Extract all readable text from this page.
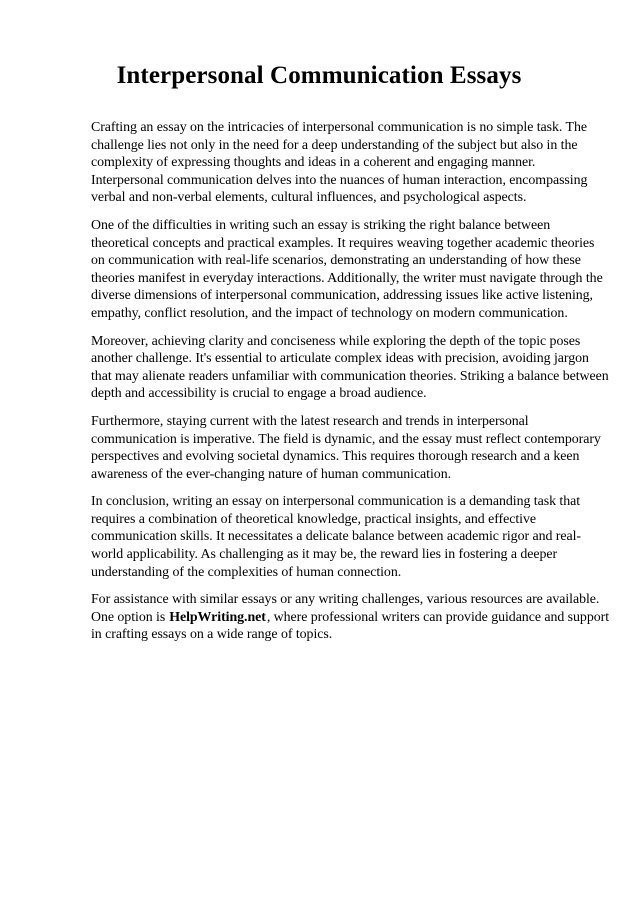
Interpersonal Communication Essays

Crafting an essay on the intricacies of interpersonal communication is no simple task. The challenge lies not only in the need for a deep understanding of the subject but also in the complexity of expressing thoughts and ideas in a coherent and engaging manner. Interpersonal communication delves into the nuances of human interaction, encompassing verbal and non-verbal elements, cultural influences, and psychological aspects.

One of the difficulties in writing such an essay is striking the right balance between theoretical concepts and practical examples. It requires weaving together academic theories on communication with real-life scenarios, demonstrating an understanding of how these theories manifest in everyday interactions. Additionally, the writer must navigate through the diverse dimensions of interpersonal communication, addressing issues like active listening, empathy, conflict resolution, and the impact of technology on modern communication.

Moreover, achieving clarity and conciseness while exploring the depth of the topic poses another challenge. It's essential to articulate complex ideas with precision, avoiding jargon that may alienate readers unfamiliar with communication theories. Striking a balance between depth and accessibility is crucial to engage a broad audience.

Furthermore, staying current with the latest research and trends in interpersonal communication is imperative. The field is dynamic, and the essay must reflect contemporary perspectives and evolving societal dynamics. This requires thorough research and a keen awareness of the ever-changing nature of human communication.

In conclusion, writing an essay on interpersonal communication is a demanding task that requires a combination of theoretical knowledge, practical insights, and effective communication skills. It necessitates a delicate balance between academic rigor and real-world applicability. As challenging as it may be, the reward lies in fostering a deeper understanding of the complexities of human connection.

For assistance with similar essays or any writing challenges, various resources are available. One option is HelpWriting.net, where professional writers can provide guidance and support in crafting essays on a wide range of topics.
